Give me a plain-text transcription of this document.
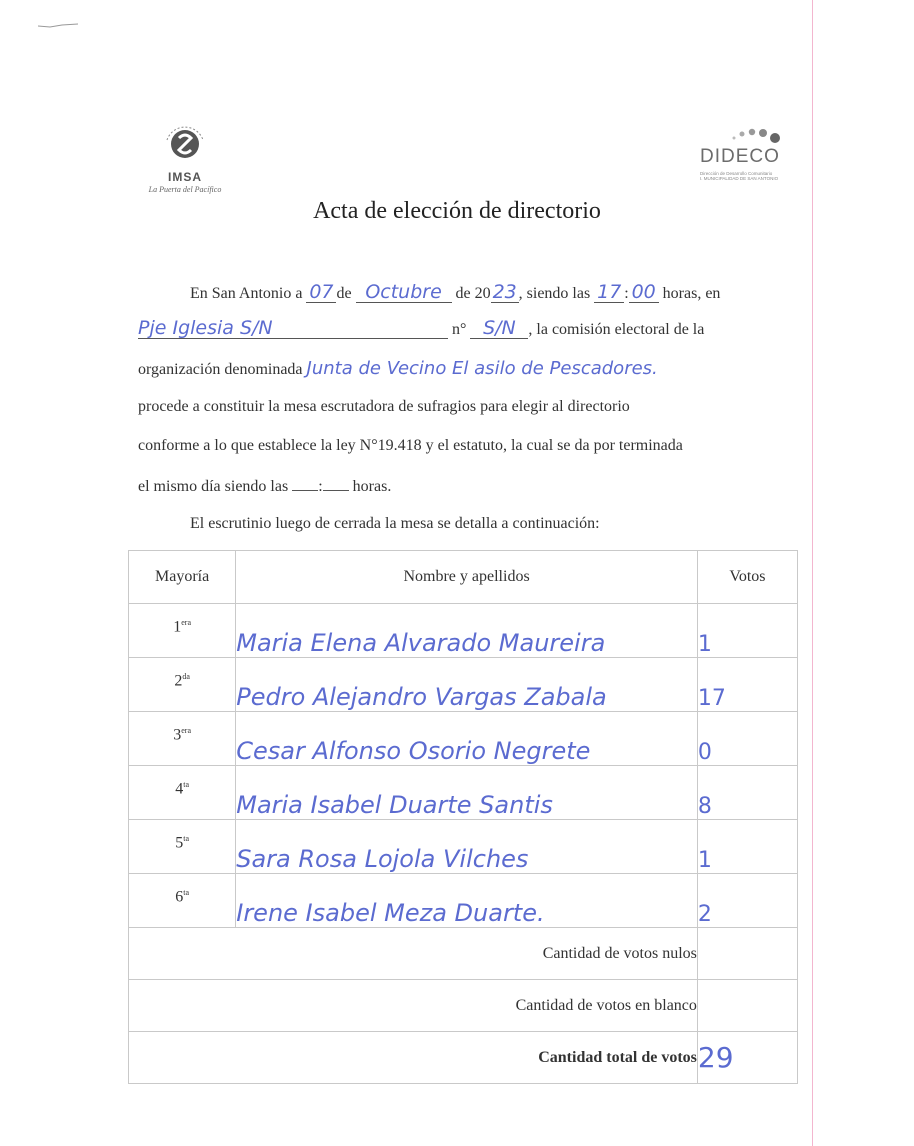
IMSA
La Puerta del Pacífico
DIDECO
Dirección de Desarrollo Comunitario
I. MUNICIPALIDAD DE SAN ANTONIO
Acta de elección de directorio
En San Antonio a 07 de Octubre de 20 23 , siendo las 17 : 00 horas, en
Pje Iglesia S/N	n° S/N , la comisión electoral de la
organización denominada Junta de Vecino El asilo de Pescadores.
procede a constituir la mesa escrutadora de sufragios para elegir al directorio
conforme a lo que establece la ley N°19.418 y el estatuto, la cual se da por terminada
el mismo día siendo las : horas.
El escrutinio luego de cerrada la mesa se detalla a continuación:
Mayoría	Nombre y apellidos	Votos
$1^{era}$	Maria Elena Alvarado Maureira	1
$2^{da}$	Pedro Alejandro Vargas Zabala	17
$3^{era}$	Cesar Alfonso Osorio Negrete	0
$4^{ta}$	Maria Isabel Duarte Santis	8
$5^{ta}$	Sara Rosa Lojola Vilches	1
$6^{ta}$	Irene Isabel Meza Duarte.	2
Cantidad de votos nulos		
Cantidad de votos en blanco		
Cantidad total de votos		29
